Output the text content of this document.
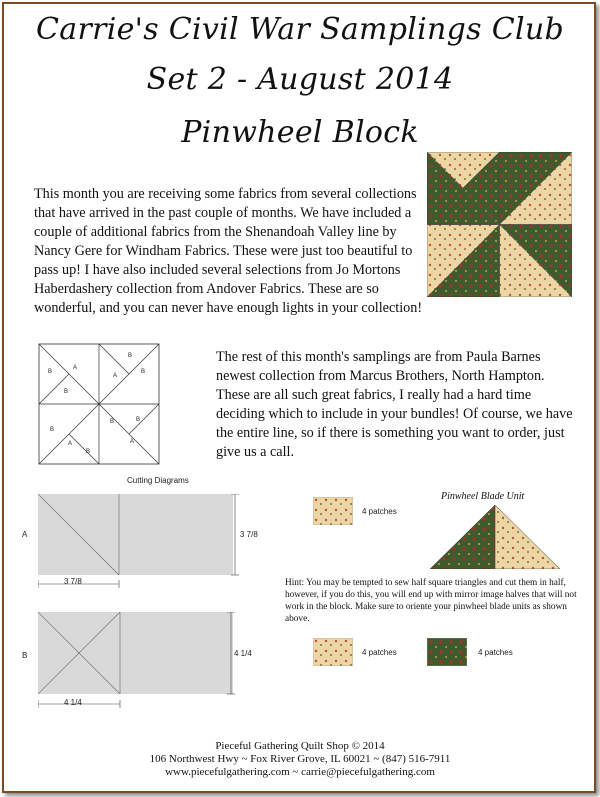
Carrie's Civil War Samplings Club
Set 2 - August 2014
Pinwheel Block

This month you are receiving some fabrics from several collections that have arrived in the past couple of months. We have included a couple of additional fabrics from the Shenandoah Valley line by Nancy Gere for Windham Fabrics. These were just too beautiful to pass up! I have also included several selections from Jo Mortons Haberdashery collection from Andover Fabrics. These are so wonderful, and you can never have enough lights in your collection!

B
A
B
B
A
B
B	B
A
B
A
B

The rest of this month's samplings are from Paula Barnes newest collection from Marcus Brothers, North Hampton. These are all such great fabrics, I really had a hard time deciding which to include in your bundles! Of course, we have the entire line, so if there is something you want to order, just give us a call.

Cutting Diagrams
A	3 7/8
3 7/8
B	4 1/4
4 1/4
4 patches
Pinwheel Blade Unit

Hint: You may be tempted to sew half square triangles and cut them in half, however, if you do this, you will end up with mirror image halves that will not work in the block. Make sure to oriente your pinwheel blade units as shown above.

4 patches	4 patches
Pieceful Gathering Quilt Shop © 2014
106 Northwest Hwy ~ Fox River Grove, IL 60021 ~ (847) 516-7911
www.piecefulgathering.com ~ carrie@piecefulgathering.com
